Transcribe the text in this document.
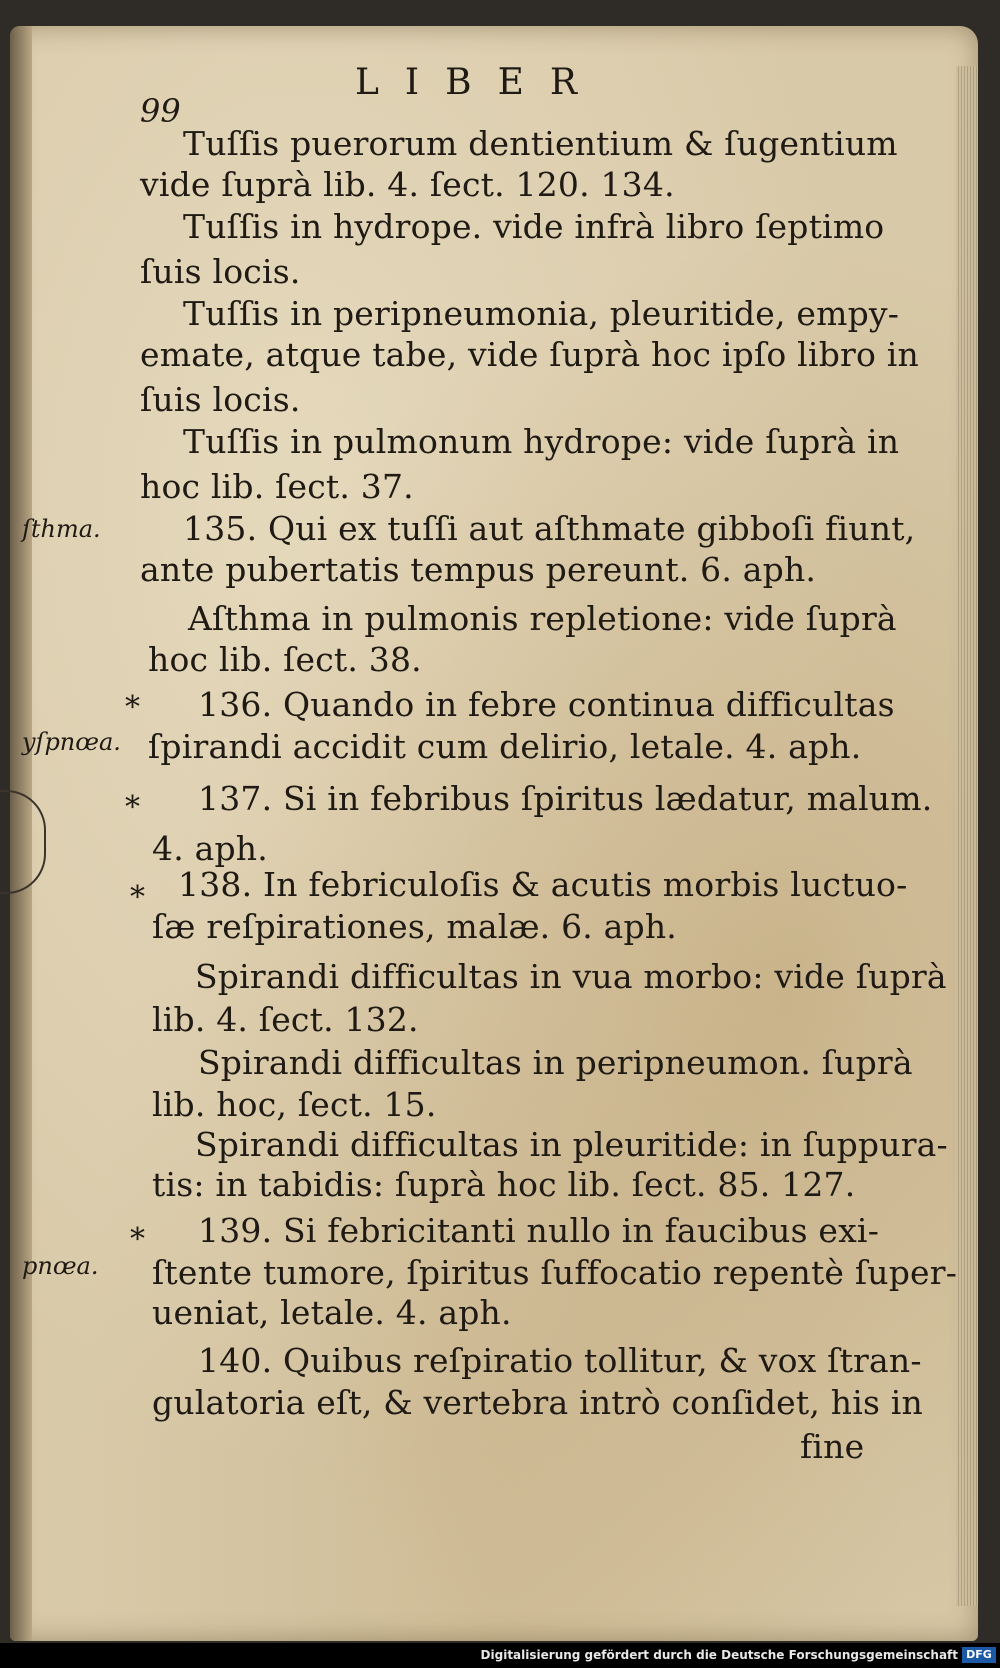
99
LIBER
Tuſſis puerorum dentientium & ſugentium
vide ſuprà lib. 4. ſect. 120. 134.
Tuſſis in hydrope. vide infrà libro ſeptimo
ſuis locis.
Tuſſis in peripneumonia, pleuritide, empy-
emate, atque tabe, vide ſuprà hoc ipſo libro in
ſuis locis.
Tuſſis in pulmonum hydrope: vide ſuprà in
hoc lib. ſect. 37.
ſthma. 135. Qui ex tuſſi aut aſthmate gibboſi fiunt,
ante pubertatis tempus pereunt. 6. aph.
Aſthma in pulmonis repletione: vide ſuprà
hoc lib. ſect. 38.
*
yſpnœa.
136. Quando in febre continua difficultas
ſpirandi accidit cum delirio, letale. 4. aph.
* 137. Si in febribus ſpiritus lædatur, malum.
4. aph.
* 138. In febriculoſis & acutis morbis luctuo-
ſæ reſpirationes, malæ. 6. aph.
Spirandi difficultas in vua morbo: vide ſuprà
lib. 4. ſect. 132.
Spirandi difficultas in peripneumon. ſuprà
lib. hoc, ſect. 15.
Spirandi difficultas in pleuritide: in ſuppura-
tis: in tabidis: ſuprà hoc lib. ſect. 85. 127.
*
pnœa.
139. Si febricitanti nullo in faucibus exi-
ſtente tumore, ſpiritus ſuffocatio repentè ſuper-
ueniat, letale. 4. aph.
140. Quibus reſpiratio tollitur, & vox ſtran-
gulatoria eſt, & vertebra intrò conſidet, his in
fine
Digitalisierung gefördert durch die Deutsche Forschungsgemeinschaft DFG
